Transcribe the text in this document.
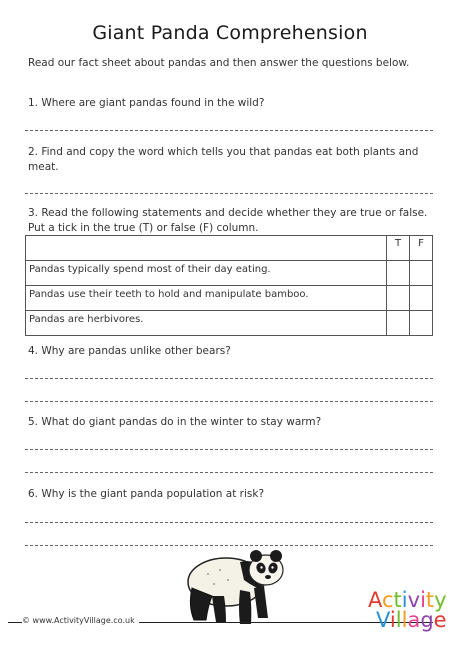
Giant Panda Comprehension
Read our fact sheet about pandas and then answer the questions below.
1. Where are giant pandas found in the wild?
2. Find and copy the word which tells you that pandas eat both plants and meat.
3. Read the following statements and decide whether they are true or false. Put a tick in the true (T) or false (F) column.
	T	F
Pandas typically spend most of their day eating.		
Pandas use their teeth to hold and manipulate bamboo.		
Pandas are herbivores.		
4. Why are pandas unlike other bears?
5. What do giant pandas do in the winter to stay warm?
6. Why is the giant panda population at risk?
© www.ActivityVillage.co.uk
Activity
Village
